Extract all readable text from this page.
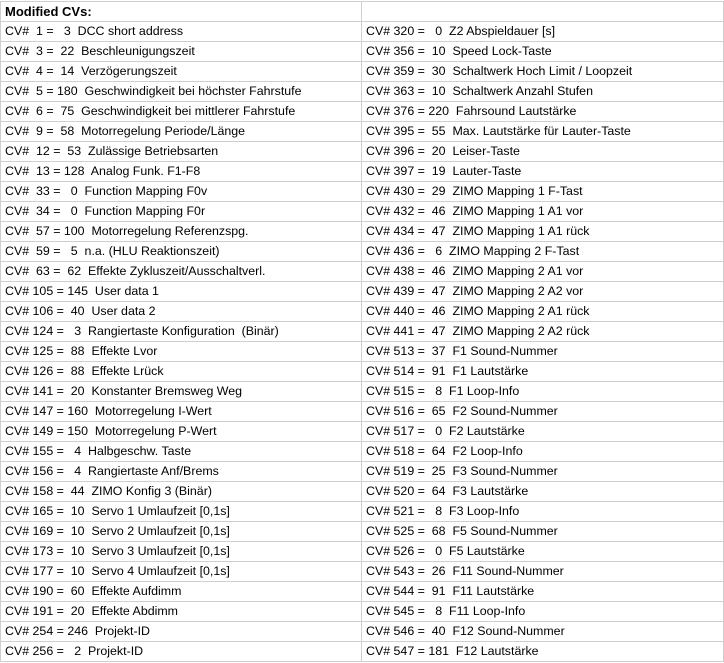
Modified CVs:	
CV#  1 =   3  DCC short address	CV# 320 =   0  Z2 Abspieldauer [s]
CV#  3 =  22  Beschleunigungszeit	CV# 356 =  10  Speed Lock-Taste
CV#  4 =  14  Verzögerungszeit	CV# 359 =  30  Schaltwerk Hoch Limit / Loopzeit
CV#  5 = 180  Geschwindigkeit bei höchster Fahrstufe	CV# 363 =  10  Schaltwerk Anzahl Stufen
CV#  6 =  75  Geschwindigkeit bei mittlerer Fahrstufe	CV# 376 = 220  Fahrsound Lautstärke
CV#  9 =  58  Motorregelung Periode/Länge	CV# 395 =  55  Max. Lautstärke für Lauter-Taste
CV#  12 =  53  Zulässige Betriebsarten	CV# 396 =  20  Leiser-Taste
CV#  13 = 128  Analog Funk. F1-F8	CV# 397 =  19  Lauter-Taste
CV#  33 =   0  Function Mapping F0v	CV# 430 =  29  ZIMO Mapping 1 F-Tast
CV#  34 =   0  Function Mapping F0r	CV# 432 =  46  ZIMO Mapping 1 A1 vor
CV#  57 = 100  Motorregelung Referenzspg.	CV# 434 =  47  ZIMO Mapping 1 A1 rück
CV#  59 =   5  n.a. (HLU Reaktionszeit)	CV# 436 =   6  ZIMO Mapping 2 F-Tast
CV#  63 =  62  Effekte Zykluszeit/Ausschaltverl.	CV# 438 =  46  ZIMO Mapping 2 A1 vor
CV# 105 = 145  User data 1	CV# 439 =  47  ZIMO Mapping 2 A2 vor
CV# 106 =  40  User data 2	CV# 440 =  46  ZIMO Mapping 2 A1 rück
CV# 124 =   3  Rangiertaste Konfiguration  (Binär)	CV# 441 =  47  ZIMO Mapping 2 A2 rück
CV# 125 =  88  Effekte Lvor	CV# 513 =  37  F1 Sound-Nummer
CV# 126 =  88  Effekte Lrück	CV# 514 =  91  F1 Lautstärke
CV# 141 =  20  Konstanter Bremsweg Weg	CV# 515 =   8  F1 Loop-Info
CV# 147 = 160  Motorregelung I-Wert	CV# 516 =  65  F2 Sound-Nummer
CV# 149 = 150  Motorregelung P-Wert	CV# 517 =   0  F2 Lautstärke
CV# 155 =   4  Halbgeschw. Taste	CV# 518 =  64  F2 Loop-Info
CV# 156 =   4  Rangiertaste Anf/Brems	CV# 519 =  25  F3 Sound-Nummer
CV# 158 =  44  ZIMO Konfig 3 (Binär)	CV# 520 =  64  F3 Lautstärke
CV# 165 =  10  Servo 1 Umlaufzeit [0,1s]	CV# 521 =   8  F3 Loop-Info
CV# 169 =  10  Servo 2 Umlaufzeit [0,1s]	CV# 525 =  68  F5 Sound-Nummer
CV# 173 =  10  Servo 3 Umlaufzeit [0,1s]	CV# 526 =   0  F5 Lautstärke
CV# 177 =  10  Servo 4 Umlaufzeit [0,1s]	CV# 543 =  26  F11 Sound-Nummer
CV# 190 =  60  Effekte Aufdimm	CV# 544 =  91  F11 Lautstärke
CV# 191 =  20  Effekte Abdimm	CV# 545 =   8  F11 Loop-Info
CV# 254 = 246  Projekt-ID	CV# 546 =  40  F12 Sound-Nummer
CV# 256 =   2  Projekt-ID	CV# 547 = 181  F12 Lautstärke
